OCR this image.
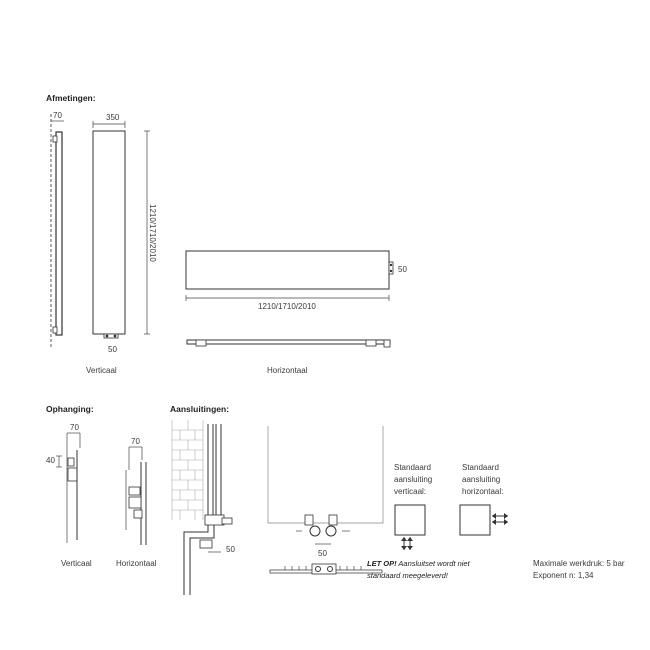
Afmetingen:
70	350
1210/1710/2010
50
50
1210/1710/2010
Verticaal	Horizontaal
Ophanging:
70
40
Verticaal
70
Horizontaal
Aansluitingen:
50	50
Standaard
aansluiting
verticaal:
Standaard
aansluiting
horizontaal:
LET OP! Aansluitset wordt niet
standaard meegeleverd!
Maximale werkdruk: 5 bar
Exponent n: 1,34
